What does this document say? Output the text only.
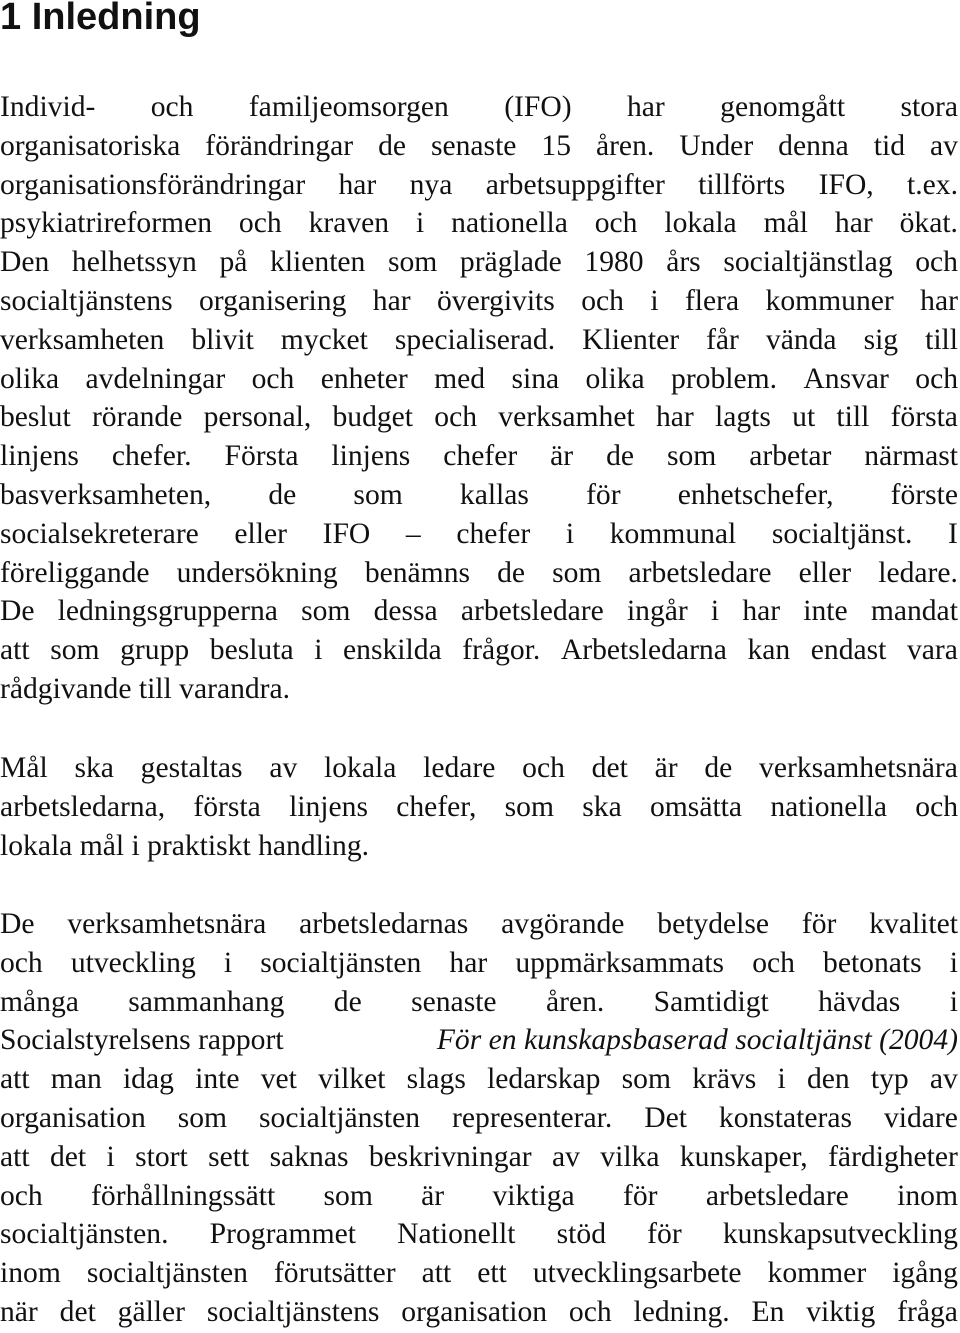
1 Inledning
Individ- och familjeomsorgen (IFO) har genomgått stora
organisatoriska förändringar de senaste 15 åren. Under denna tid av
organisationsförändringar har nya arbetsuppgifter tillförts IFO, t.ex.
psykiatrireformen och kraven i nationella och lokala mål har ökat.
Den helhetssyn på klienten som präglade 1980 års socialtjänstlag och
socialtjänstens organisering har övergivits och i flera kommuner har
verksamheten blivit mycket specialiserad. Klienter får vända sig till
olika avdelningar och enheter med sina olika problem. Ansvar och
beslut rörande personal, budget och verksamhet har lagts ut till första
linjens chefer. Första linjens chefer är de som arbetar närmast
basverksamheten, de som kallas för enhetschefer, förste
socialsekreterare eller IFO – chefer i kommunal socialtjänst. I
föreliggande undersökning benämns de som arbetsledare eller ledare.
De ledningsgrupperna som dessa arbetsledare ingår i har inte mandat
att som grupp besluta i enskilda frågor. Arbetsledarna kan endast vara
rådgivande till varandra.
Mål ska gestaltas av lokala ledare och det är de verksamhetsnära
arbetsledarna, första linjens chefer, som ska omsätta nationella och
lokala mål i praktiskt handling.
De verksamhetsnära arbetsledarnas avgörande betydelse för kvalitet
och utveckling i socialtjänsten har uppmärksammats och betonats i
många sammanhang de senaste åren. Samtidigt hävdas i
Socialstyrelsens rapport	För en kunskapsbaserad socialtjänst (2004)
att man idag inte vet vilket slags ledarskap som krävs i den typ av
organisation som socialtjänsten representerar. Det konstateras vidare
att det i stort sett saknas beskrivningar av vilka kunskaper, färdigheter
och förhållningssätt som är viktiga för arbetsledare inom
socialtjänsten. Programmet Nationellt stöd för kunskapsutveckling
inom socialtjänsten förutsätter att ett utvecklingsarbete kommer igång
när det gäller socialtjänstens organisation och ledning. En viktig fråga
